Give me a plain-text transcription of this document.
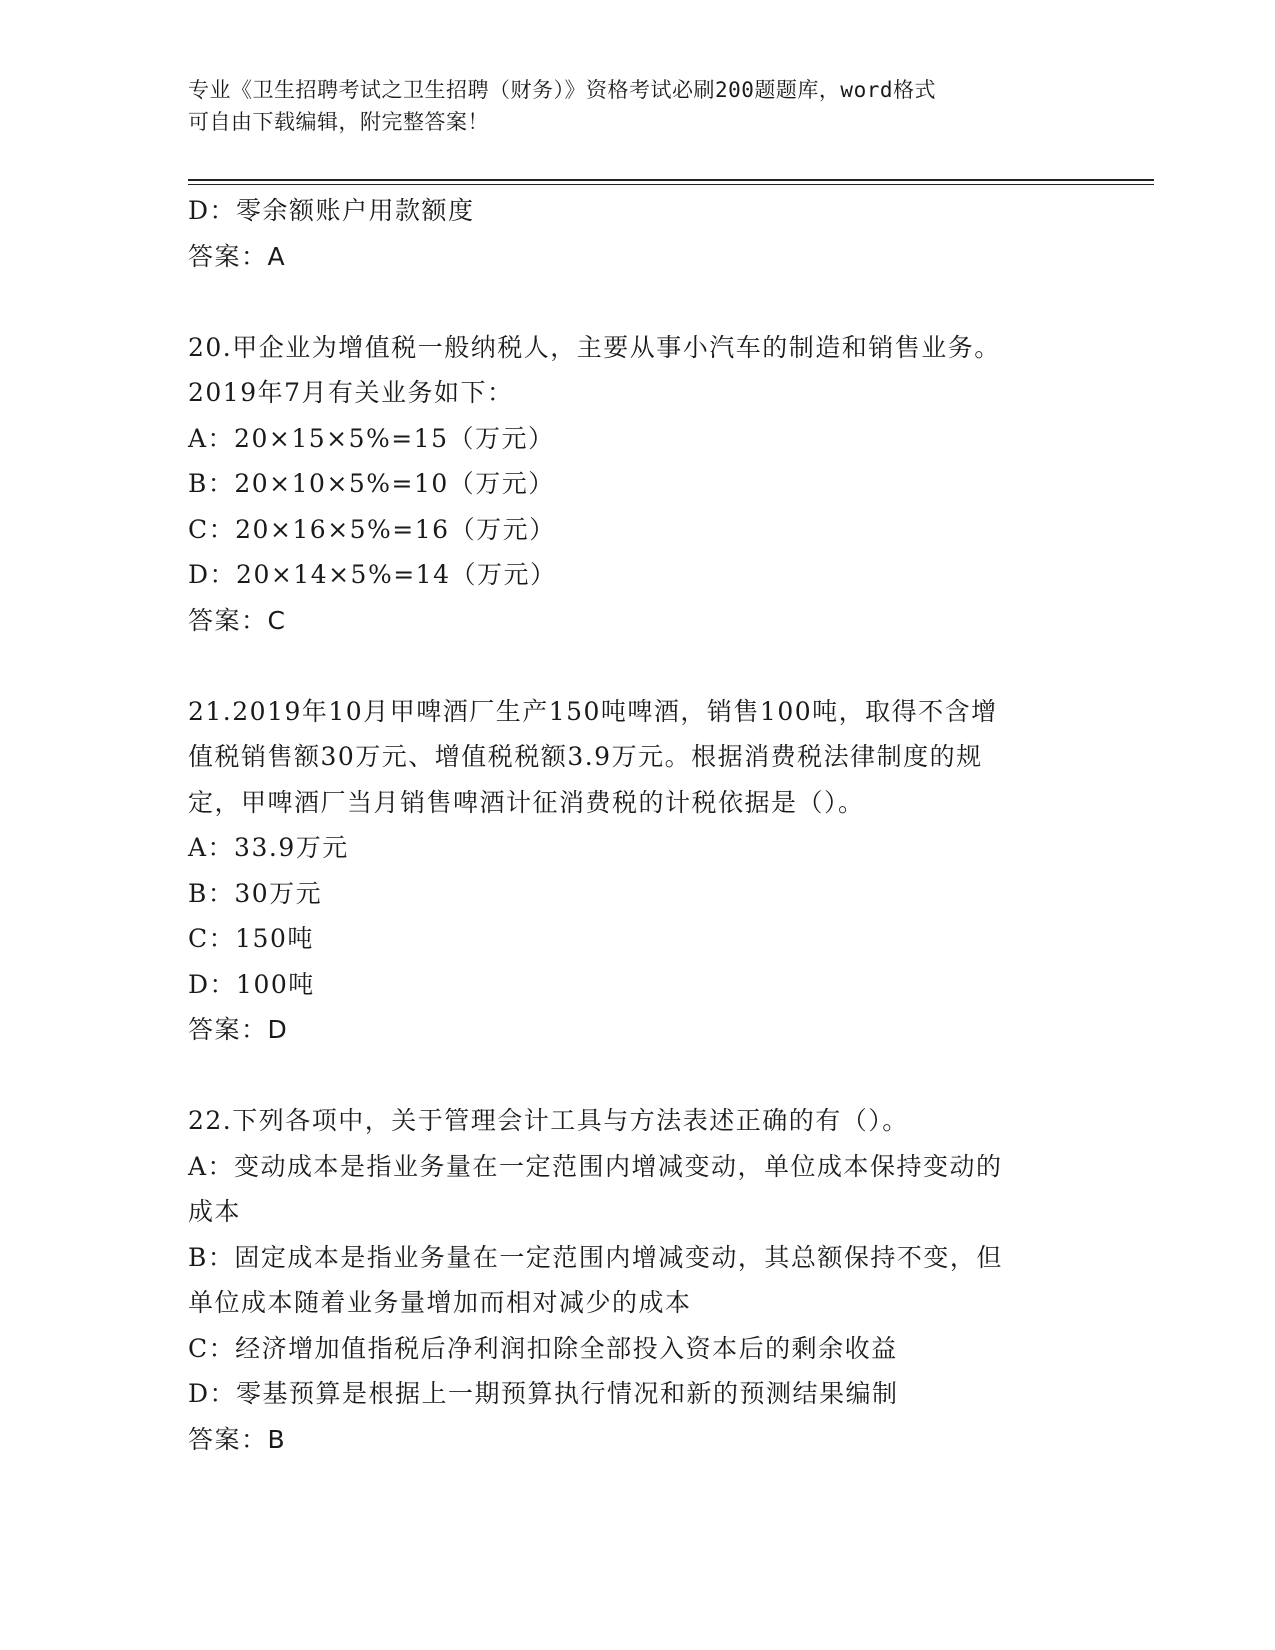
专业《卫生招聘考试之卫生招聘（财务）》资格考试必刷200题题库，word格式
可自由下载编辑，附完整答案！
D：零余额账户用款额度
答案：A
20.甲企业为增值税一般纳税人，主要从事小汽车的制造和销售业务。
2019年7月有关业务如下：
A：20×15×5%=15（万元）
B：20×10×5%=10（万元）
C：20×16×5%=16（万元）
D：20×14×5%=14（万元）
答案：C
21.2019年10月甲啤酒厂生产150吨啤酒，销售100吨，取得不含增
值税销售额30万元、增值税税额3.9万元。根据消费税法律制度的规
定，甲啤酒厂当月销售啤酒计征消费税的计税依据是（）。
A：33.9万元
B：30万元
C：150吨
D：100吨
答案：D
22.下列各项中，关于管理会计工具与方法表述正确的有（）。
A：变动成本是指业务量在一定范围内增减变动，单位成本保持变动的
成本
B：固定成本是指业务量在一定范围内增减变动，其总额保持不变，但
单位成本随着业务量增加而相对减少的成本
C：经济增加值指税后净利润扣除全部投入资本后的剩余收益
D：零基预算是根据上一期预算执行情况和新的预测结果编制
答案：B
